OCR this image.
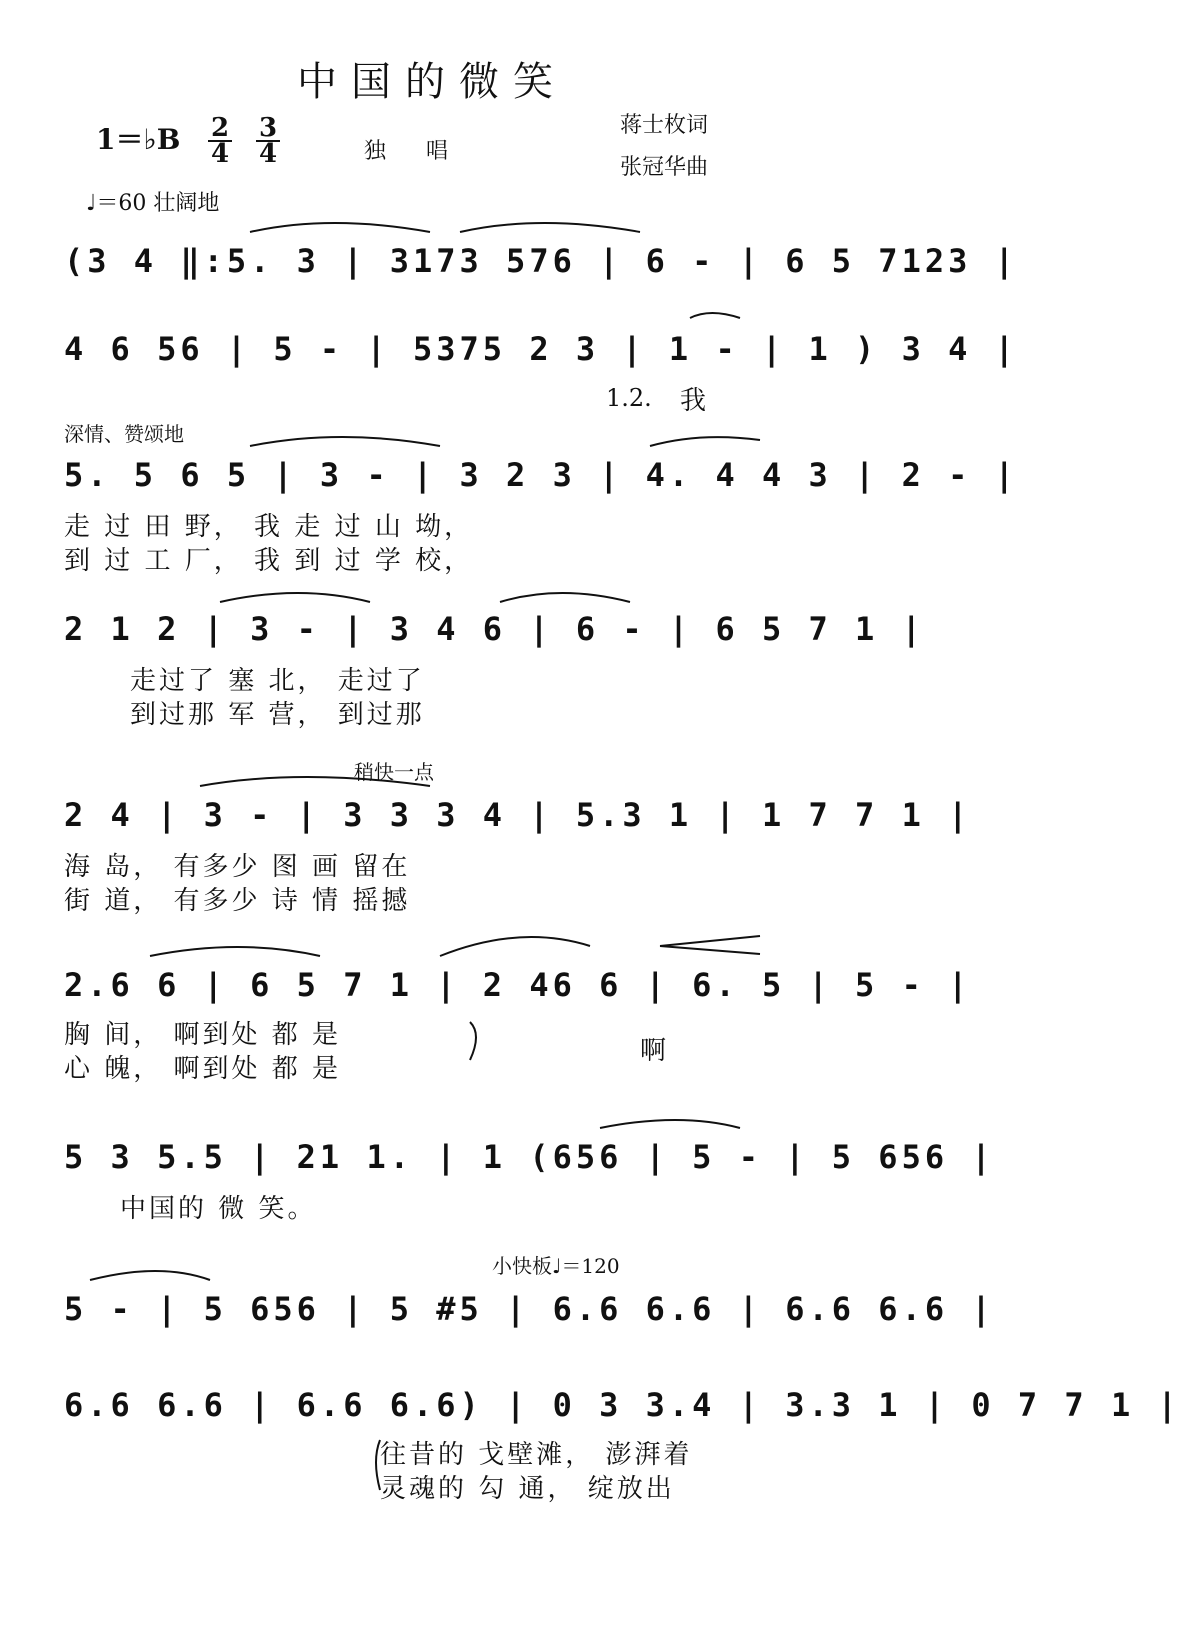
中国的微笑
1＝♭B $\frac{2}{4} \frac{3}{4}$	独唱
蒋士枚词
张冠华曲
♩＝60 壮阔地
(3 4 ‖:5. 3 | 3173 576 | 6 - | 6 5 7123 |
4 6 56 | 5 - | 5375 2 3 | 1 - | 1 ) 3 4 |
1.2. 我
深情、赞颂地
5. 5 6 5 | 3 - | 3 2 3 | 4. 4 4 3 | 2 - |
走 过 田 野， 我 走 过 山 坳，
到 过 工 厂， 我 到 过 学 校，
2 1 2 | 3 - | 3 4 6 | 6 - | 6 5 7 1 |
走过了 塞 北， 走过了
到过那 军 营， 到过那
稍快一点
2 4 | 3 - | 3 3 3 4 | 5.3 1 | 1 7 7 1 |
海 岛， 有多少 图 画 留在
街 道， 有多少 诗 情 摇撼
2.6 6 | 6 5 7 1 | 2 46 6 | 6. 5 | 5 - |
胸 间， 啊到处 都 是
心 魄， 啊到处 都 是
啊
5 3 5.5 | 21 1. | 1 (656 | 5 - | 5 656 |
中国的 微 笑。
小快板♩＝120
5 - | 5 656 | 5 #5 | 6.6 6.6 | 6.6 6.6 |
6.6 6.6 | 6.6 6.6) | 0 3 3.4 | 3.3 1 | 0 7 7 1 |
往昔的 戈壁滩， 澎湃着
灵魂的 勾 通， 绽放出
